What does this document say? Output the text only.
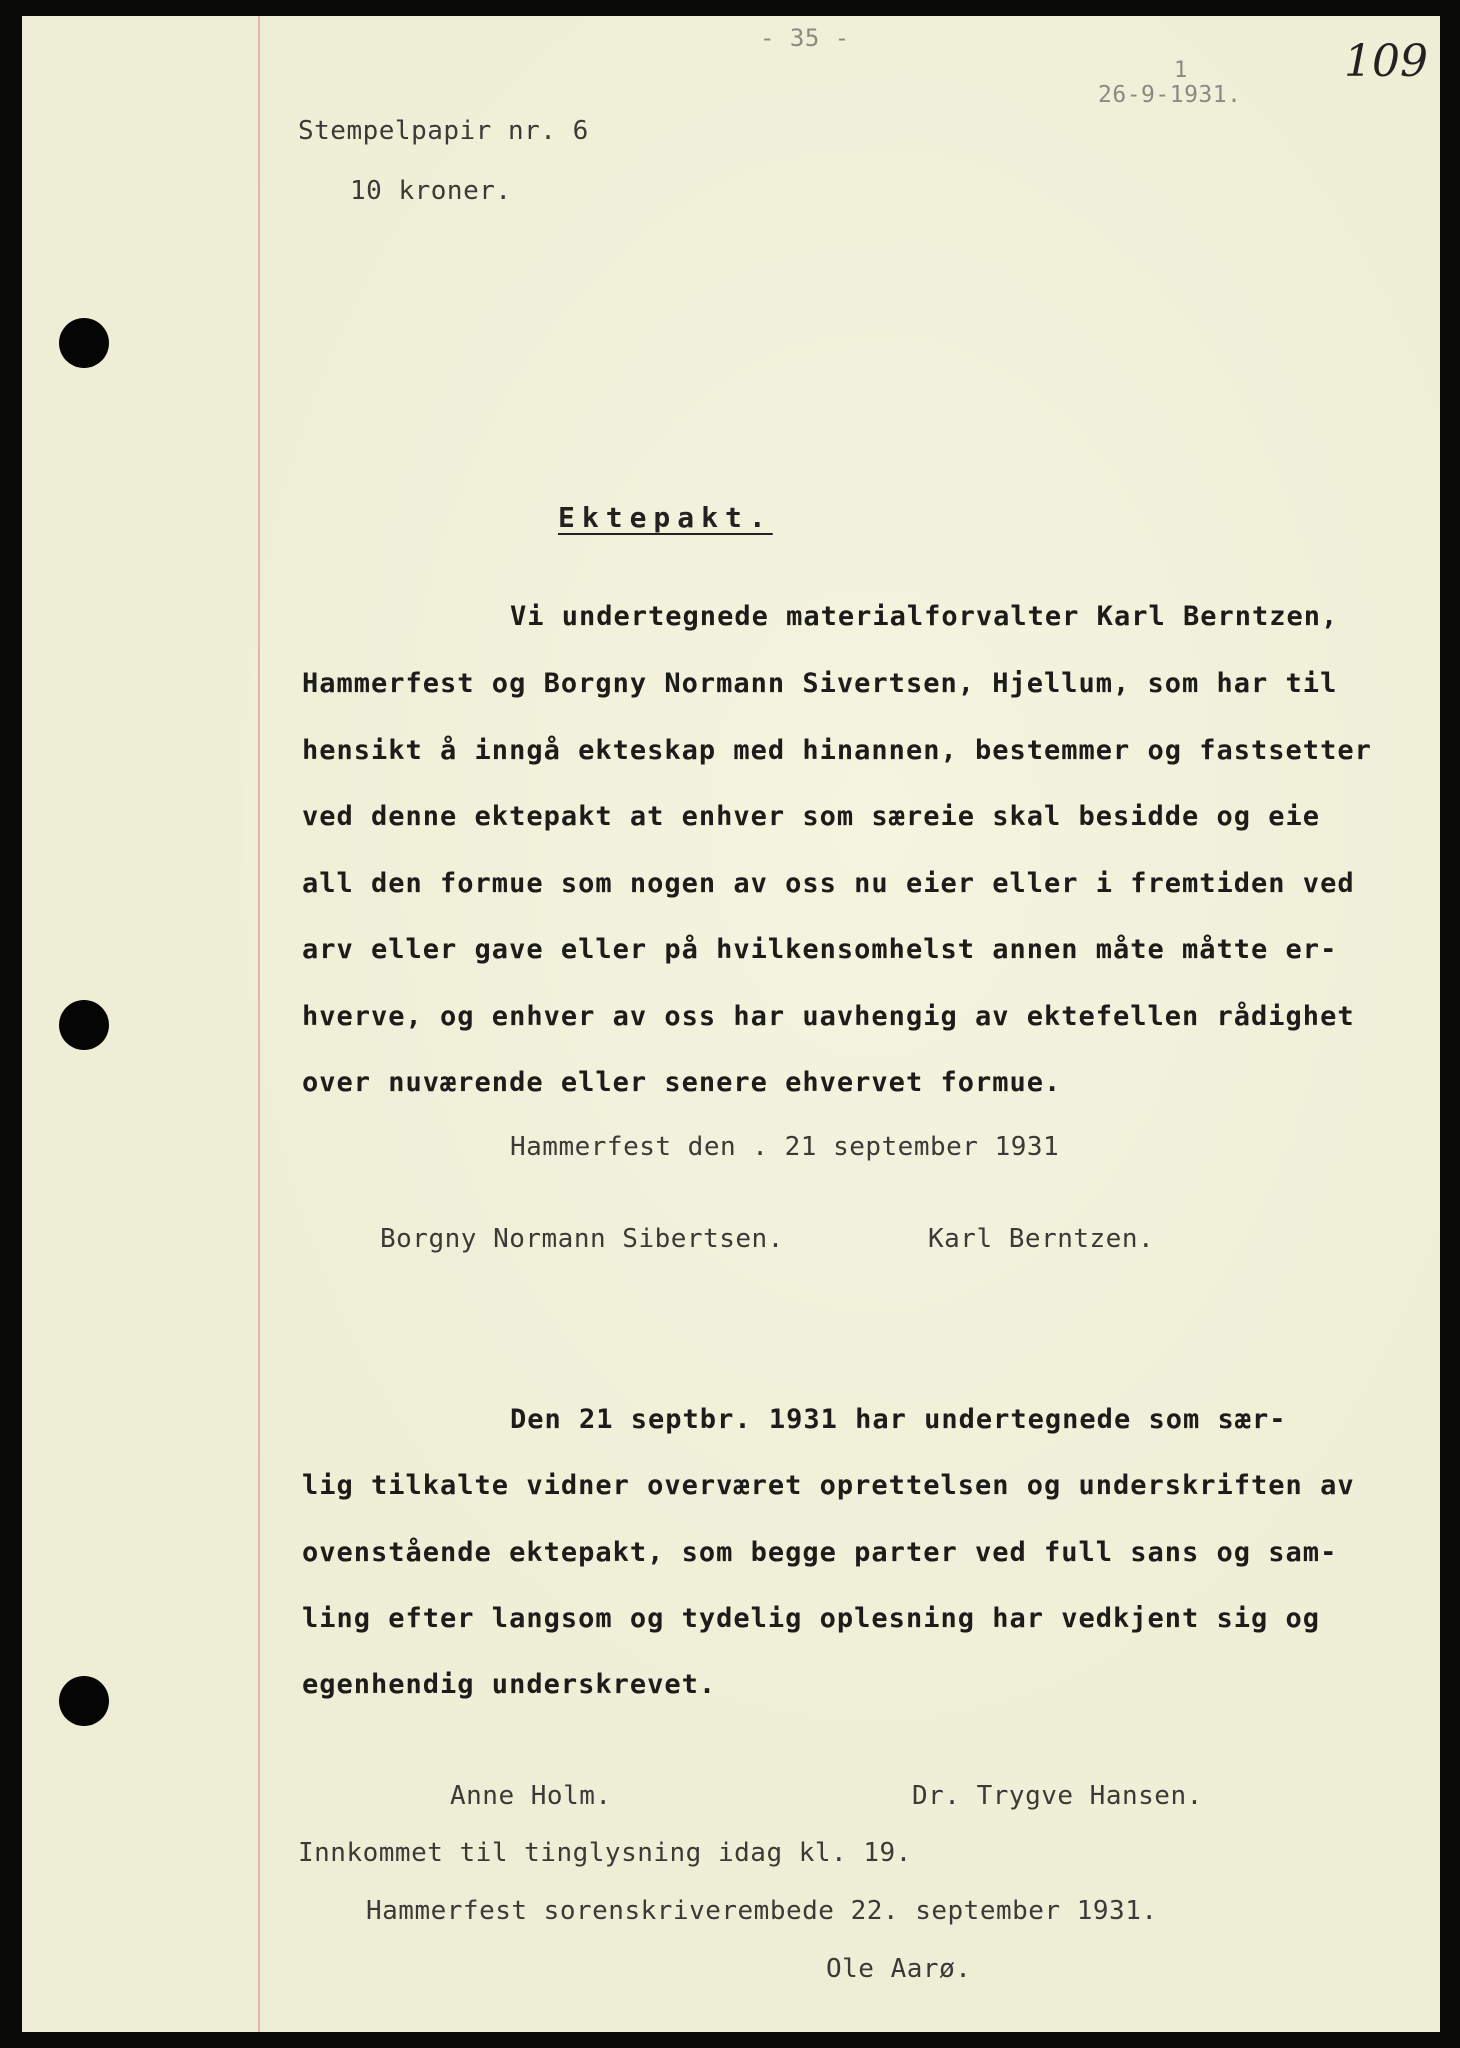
- 35 -
1
26-9-1931.
109
Stempelpapir nr. 6
10 kroner.
Ektepakt.
Vi undertegnede materialforvalter Karl Berntzen,
Hammerfest og Borgny Normann Sivertsen, Hjellum, som har til
hensikt å inngå ekteskap med hinannen, bestemmer og fastsetter
ved denne ektepakt at enhver som særeie skal besidde og eie
all den formue som nogen av oss nu eier eller i fremtiden ved
arv eller gave eller på hvilkensomhelst annen måte måtte er-
hverve, og enhver av oss har uavhengig av ektefellen rådighet
over nuværende eller senere ehvervet formue.
Hammerfest den . 21 september 1931
Borgny Normann Sibertsen.	Karl Berntzen.
Den 21 septbr. 1931 har undertegnede som sær-
lig tilkalte vidner overværet oprettelsen og underskriften av
ovenstående ektepakt, som begge parter ved full sans og sam-
ling efter langsom og tydelig oplesning har vedkjent sig og
egenhendig underskrevet.
Anne Holm.	Dr. Trygve Hansen.
Innkommet til tinglysning idag kl. 19.
Hammerfest sorenskriverembede 22. september 1931.
Ole Aarø.
